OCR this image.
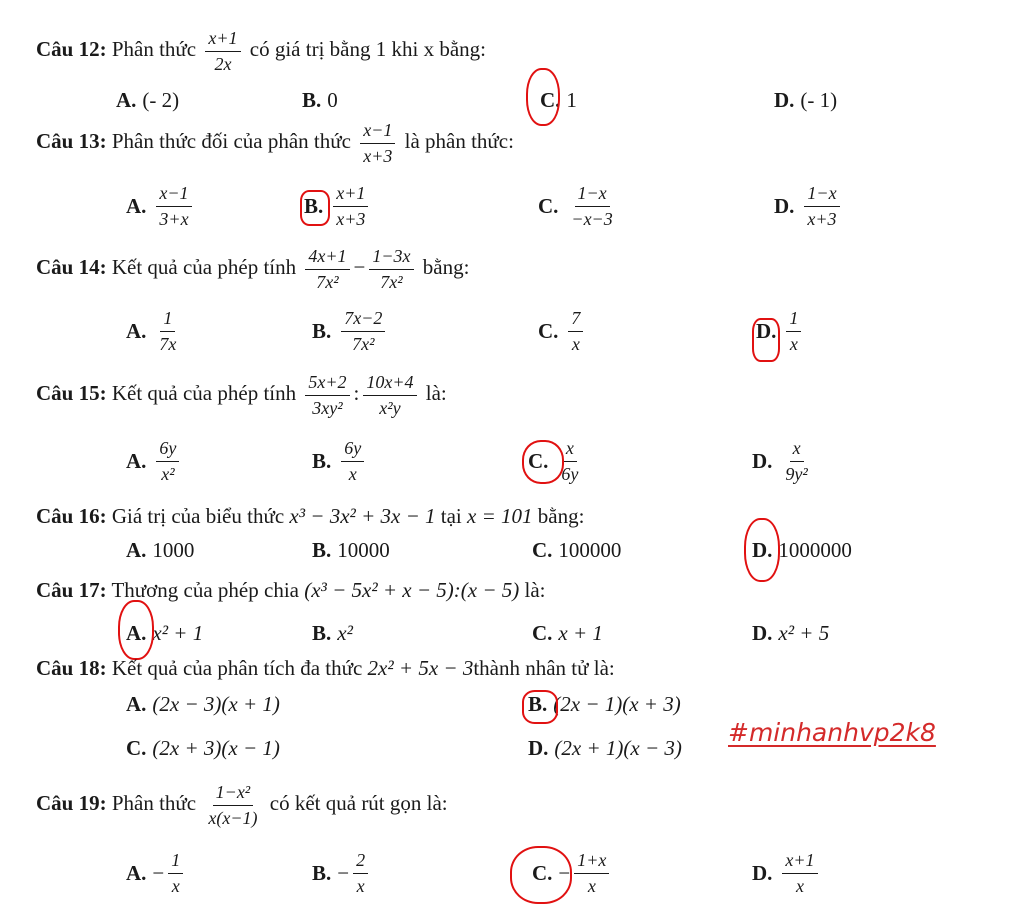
Câu 12: Phân thức $\frac{x+1}{2x}$ có giá trị bằng 1 khi x bằng:
A. (- 2)	B. 0	C. 1	D. (- 1)
Câu 13: Phân thức đối của phân thức $\frac{x-1}{x+3}$ là phân thức:
A. $\frac{x-1}{3+x}$	B. $\frac{x+1}{x+3}$	C. $\frac{1-x}{-x-3}$	D. $\frac{1-x}{x+3}$
Câu 14: Kết quả của phép tính $\frac{4x+1}{\text{7x²}} - \frac{1-3x}{\text{7x²}}$ bằng:
A. $\frac{1}{7x}$	B. $\frac{7x-2}{\text{7x²}}$	C. $\frac{7}{x}$	D. $\frac{1}{x}$
Câu 15: Kết quả của phép tính $\frac{5x+2}{\text{3xy²}}$ : $\frac{10x+4}{\text{x²y}}$ là:
A. $\frac{6y}{\text{x²}}$	B. $\frac{6y}{x}$	C. $\frac{x}{6y}$	D. $\frac{x}{\text{9y²}}$
Câu 16: Giá trị của biểu thức x³ − 3x² + 3x − 1 tại x = 101 bằng:
A. 1000	B. 10000	C. 100000	D. 1000000
Câu 17: Thương của phép chia (x³ − 5x² + x − 5):(x − 5) là:
A. x² + 1	B. x²	C. x + 1	D. x² + 5
Câu 18: Kết quả của phân tích đa thức 2x² + 5x − 3thành nhân tử là:
A. (2x − 3)(x + 1)	B. (2x − 1)(x + 3)
C. (2x + 3)(x − 1)	D. (2x + 1)(x − 3)
#minhanhvp2k8
Câu 19: Phân thức $\frac{\text{1−x²}}{x(x-1)}$ có kết quả rút gọn là:
A. − $\frac{1}{x}$	B. − $\frac{2}{x}$	C. − $\frac{1+x}{x}$	D. $\frac{x+1}{x}$
